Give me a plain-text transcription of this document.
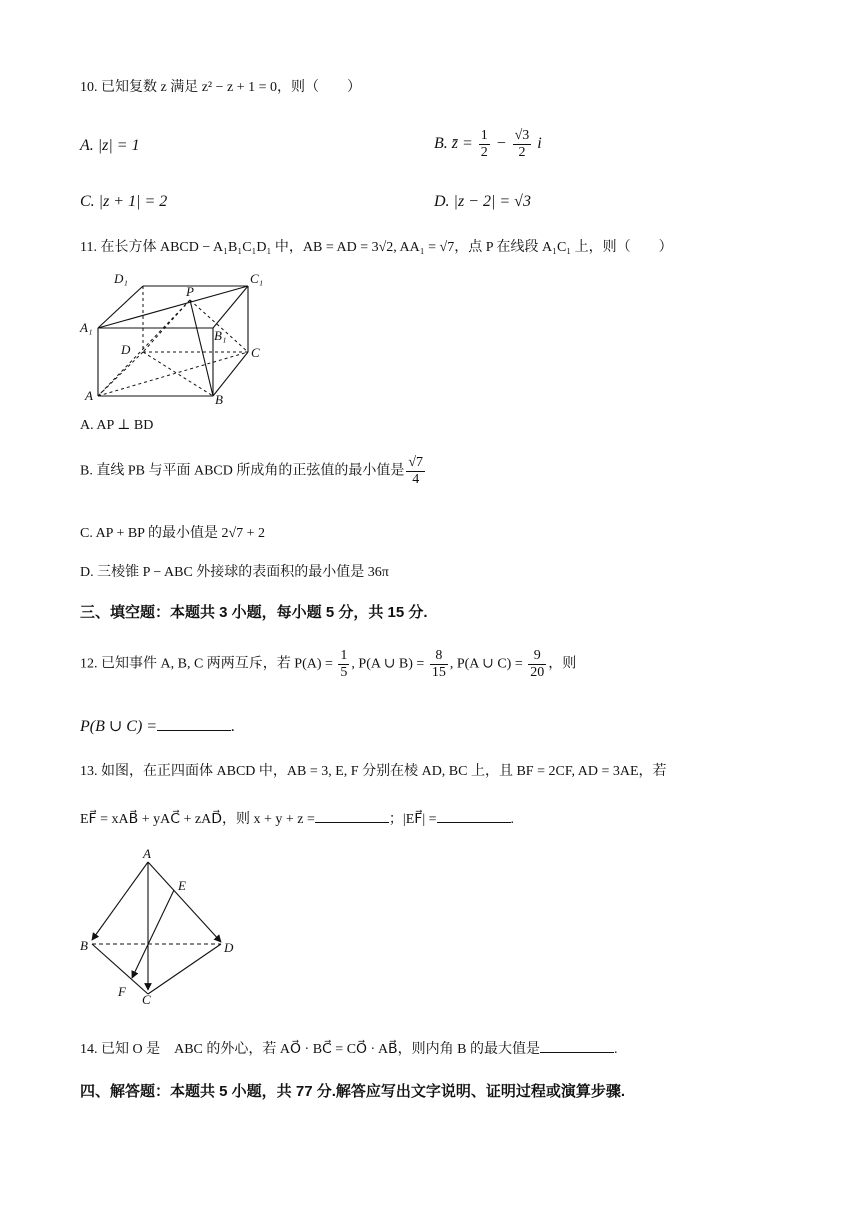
10. 已知复数 z 满足 z² − z + 1 = 0，则（　　）
A. |z| = 1	B. z̄ = $\frac{1}{2} - \frac{√3}{2}$ i
C. |z + 1| = 2	D. |z − 2| = √3
11. 在长方体 ABCD − A₁B₁C₁D₁ 中，AB = AD = 3√2, AA₁ = √7，点 P 在线段 A₁C₁ 上，则（　　）
D₁	C₁
P
A₁
B₁
D	C
A	B
A. AP ⊥ BD
B. 直线 PB 与平面 ABCD 所成角的正弦值的最小值是 $\frac{√7}{4}$
C. AP + BP 的最小值是 2√7 + 2
D. 三棱锥 P − ABC 外接球的表面积的最小值是 36π
三、填空题：本题共 3 小题，每小题 5 分，共 15 分.
12. 已知事件 A, B, C 两两互斥，若 $P(A) = \frac{1}{5}$ , P(A ∪ $B) = \frac{8}{15}$ , P(A ∪ $C) = \frac{9}{20}$ ，则
P(B ∪ C) =	.
13. 如图，在正四面体 ABCD 中，AB = 3, E, F 分别在棱 AD, BC 上，且 BF = 2CF, AD = 3AE，若
EF⃗ = xAB⃗ + yAC⃗ + zAD⃗，则 x + y + z =	；|EF⃗| =	.
A
E
B	D
F
C
14. 已知 O 是　ABC 的外心，若 AO⃗ · BC⃗ = CO⃗ · AB⃗，则内角 B 的最大值是	.
四、解答题：本题共 5 小题，共 77 分.解答应写出文字说明、证明过程或演算步骤.
